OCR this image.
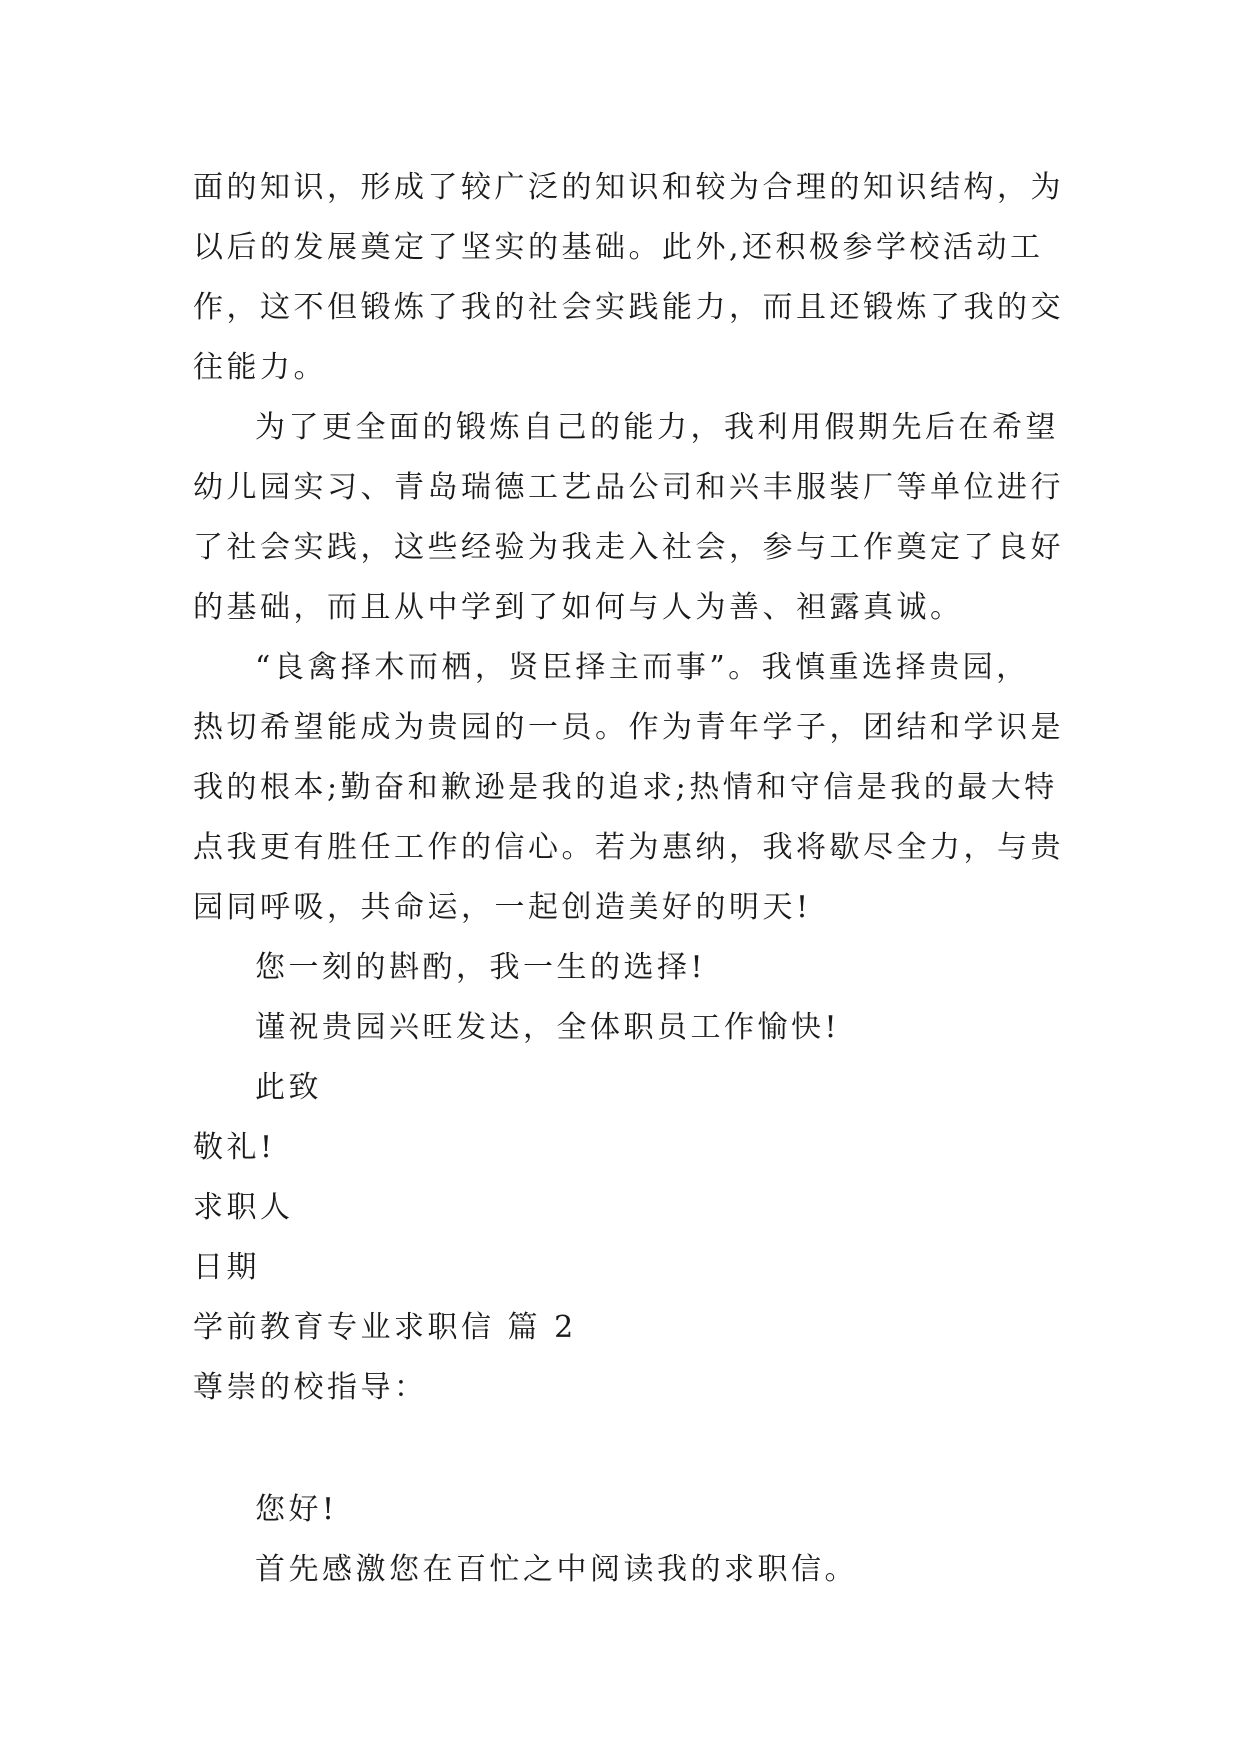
面的知识，形成了较广泛的知识和较为合理的知识结构，为
以后的发展奠定了坚实的基础。此外,还积极参学校活动工
作，这不但锻炼了我的社会实践能力，而且还锻炼了我的交
往能力。
为了更全面的锻炼自己的能力，我利用假期先后在希望
幼儿园实习、青岛瑞德工艺品公司和兴丰服装厂等单位进行
了社会实践，这些经验为我走入社会，参与工作奠定了良好
的基础，而且从中学到了如何与人为善、袒露真诚。
“良禽择木而栖，贤臣择主而事”。我慎重选择贵园，
热切希望能成为贵园的一员。作为青年学子，团结和学识是
我的根本;勤奋和歉逊是我的追求;热情和守信是我的最大特
点我更有胜任工作的信心。若为惠纳，我将歇尽全力，与贵
园同呼吸，共命运，一起创造美好的明天!
您一刻的斟酌，我一生的选择!
谨祝贵园兴旺发达，全体职员工作愉快!
此致
敬礼!
求职人
日期
学前教育专业求职信 篇 2
尊崇的校指导：
您好!
首先感激您在百忙之中阅读我的求职信。
